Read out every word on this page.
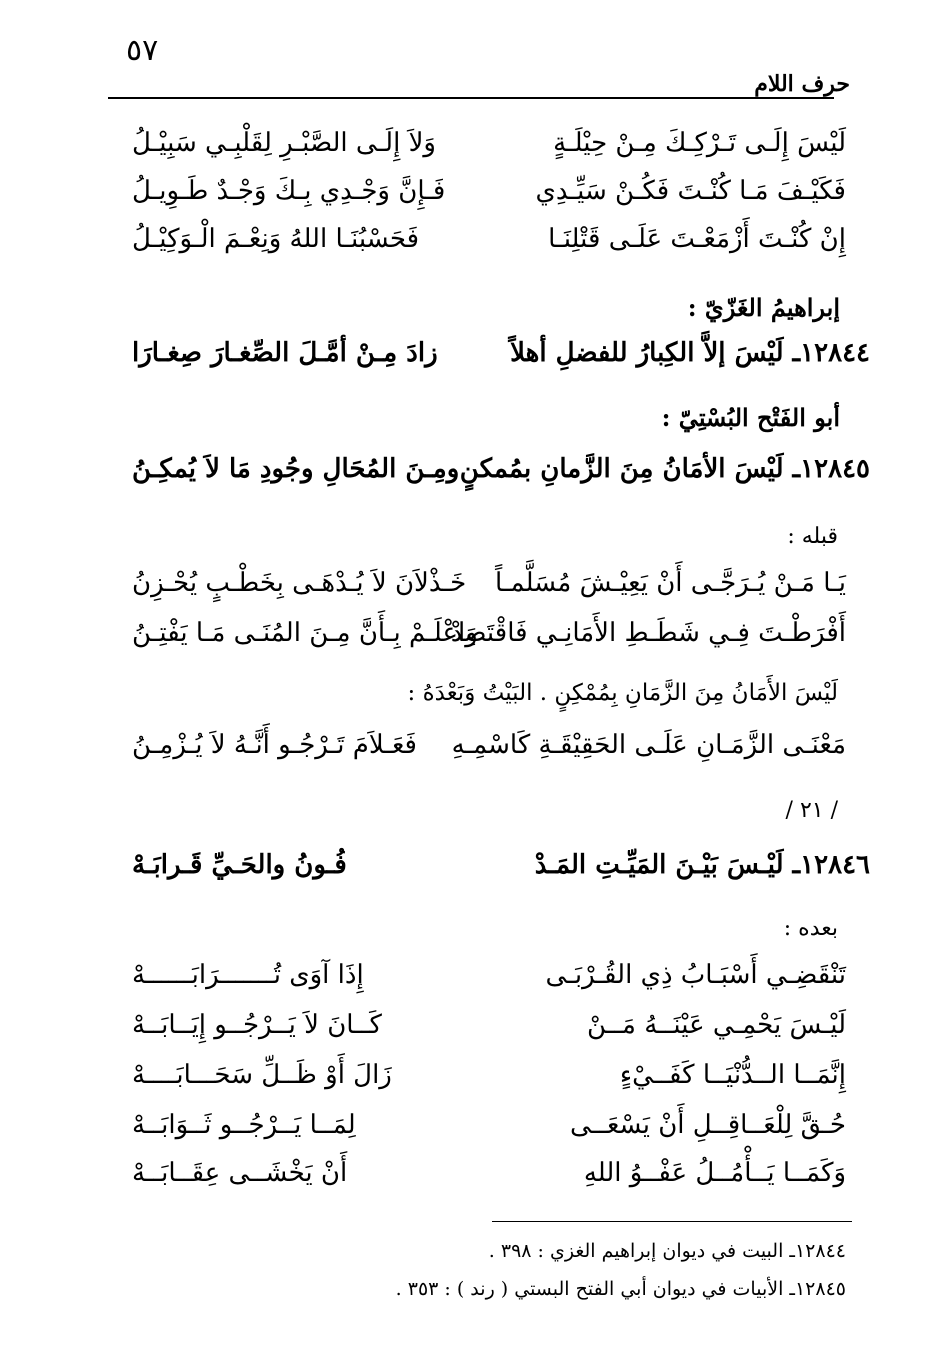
٥٧
حرف اللام
لَيْسَ إِلَـى تَـرْكِـكَ مِـنْ حِيْلَـةٍ
وَلاَ إِلَـى الصَّبْـرِ لِقَلْبِـي سَبِيْـلُ
فَكَيْـفَ مَـا كُنْـتَ فَكُـنْ سَيِّـدِي
فَـإِنَّ وَجْـدِي بِـكَ وَجْـدٌ طَـوِيـلُ
إِنْ كُنْـتَ أَزْمَعْـتَ عَلَـى قَتْلِنَـا
فَحَسْبُنَـا اللهُ وَنِعْـمَ الْـوَكِيْـلُ
إبراهيمُ الغَزّيّ :
١٢٨٤٤ـ لَيْسَ إلاَّ الكِبارُ للفضلِ أهلاً
زادَ مِـنْ أمَّـلَ الصِّغـارَ صِغـارَا
أبو الفَتْح البُسْتِيّ :
١٢٨٤٥ـ لَيْسَ الأمَانُ مِنَ الزَّمانِ بمُمكنٍ
ومِـنَ المُحَالِ وجُودِ مَا لاَ يُمكِـنُ
قبله :
يَـا مَـنْ يُـرَجَّـى أَنْ يَعِيْـشَ مُسَلَّمـاً
خَـذْلاَنَ لاَ يُـدْهَـى بِخَطْـبٍ يُحْـزِنُ
أَفْرَطْـتَ فِـي شَطَـطِ الأَمَانِـي فَاقْتَصِدْ
وَاعْلَـمْ بِـأَنَّ مِـنَ المُنَـى مَـا يَفْتِـنُ
لَيْسَ الأَمَانُ مِنَ الزَّمَانِ بِمُمْكِنٍ . البَيْتُ وَبَعْدَهُ :
مَعْنَـى الزَّمَـانِ عَلَـى الحَقِيْقَـةِ كَاسْمِـهِ
فَعَـلاَمَ تَـرْجُـو أَنَّـهُ لاَ يُـزْمِـنُ
/ ٢١ /
١٢٨٤٦ـ لَيْـسَ بَيْـنَ المَيِّـتِ المَـدْ
فُـونُ والحَـيِّ قَـرابَـهْ
بعده :
تَنْقَضِـي أَسْبَـابُ ذِي القُـرْبَـى
إِذَا آوَى تُـــــــرَابَــــــهْ
لَيْـسَ يَحْمِـي عَيْنَــهُ مَــنْ
كَــانَ لاَ يَــرْجُــو إِيَــابَــهْ
إِنَّمَــا الــدُّنْيَــا كَفَــيْءٍ
زَالَ أَوْ ظَــلِّ سَحَـــابَــــهْ
حُـقَّ لِلْعَــاقِــلِ أَنْ يَسْعَــى
لِمَــا يَــرْجُــو ثَــوَابَــهْ
وَكَمَــا يَــأْمُــلُ عَفْــوُ اللهِ
أَنْ يَخْشَــى عِقَــابَــهْ
١٢٨٤٤ـ البيت في ديوان إبراهيم الغزي : ٣٩٨ .
١٢٨٤٥ـ الأبيات في ديوان أبي الفتح البستي ( رند ) : ٣٥٣ .
